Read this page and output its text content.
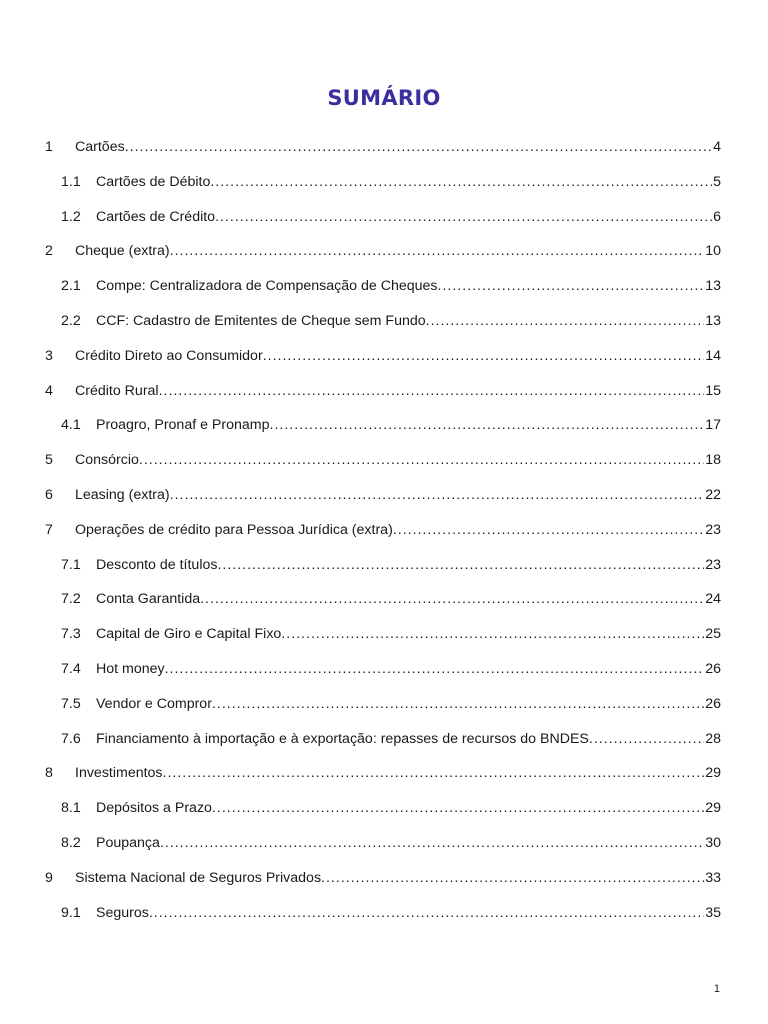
SUMÁRIO
1 Cartões .....	4
1.1 Cartões de Débito .....	5
1.2 Cartões de Crédito .....	6
2 Cheque (extra) .....	10
2.1 Compe: Centralizadora de Compensação de Cheques .....	13
2.2 CCF: Cadastro de Emitentes de Cheque sem Fundo .....	13
3 Crédito Direto ao Consumidor .....	14
4 Crédito Rural .....	15
4.1 Proagro, Pronaf e Pronamp .....	17
5 Consórcio .....	18
6 Leasing (extra) .....	22
7 Operações de crédito para Pessoa Jurídica (extra) .....	23
7.1 Desconto de títulos .....	23
7.2 Conta Garantida .....	24
7.3 Capital de Giro e Capital Fixo .....	25
7.4 Hot money .....	26
7.5 Vendor e Compror .....	26
7.6 Financiamento à importação e à exportação: repasses de recursos do BNDES .....	28
8 Investimentos .....	29
8.1 Depósitos a Prazo .....	29
8.2 Poupança .....	30
9 Sistema Nacional de Seguros Privados .....	33
9.1 Seguros .....	35
1
